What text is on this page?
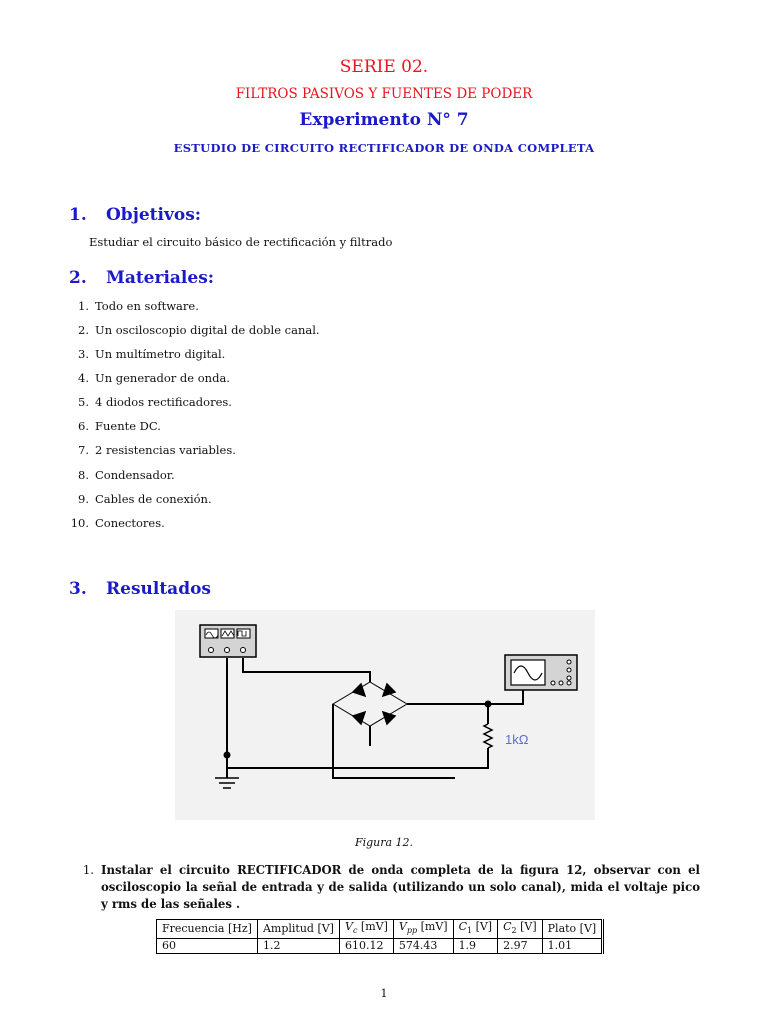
SERIE 02.
FILTROS PASIVOS Y FUENTES DE PODER
Experimento N° 7
ESTUDIO DE CIRCUITO RECTIFICADOR DE ONDA COMPLETA
1. Objetivos:
Estudiar el circuito básico de rectificación y filtrado
2. Materiales:
1. Todo en software.
2. Un osciloscopio digital de doble canal.
3. Un multímetro digital.
4. Un generador de onda.
5. 4 diodos rectificadores.
6. Fuente DC.
7. 2 resistencias variables.
8. Condensador.
9. Cables de conexión.
10. Conectores.
3. Resultados
1kΩ
Figura 12.
1. Instalar el circuito RECTIFICADOR de onda completa de la figura 12, observar con el osciloscopio la señal de entrada y de salida (utilizando un solo canal), mida el voltaje pico y rms de las señales .
Frecuencia [Hz]	Amplitud [V]	$V_c$ [mV]	$V_{pp}$ [mV]	$C_1$ [V]	$C_2$ [V]	Plato [V]
60	1.2	610.12	574.43	1.9	2.97	1.01
1
